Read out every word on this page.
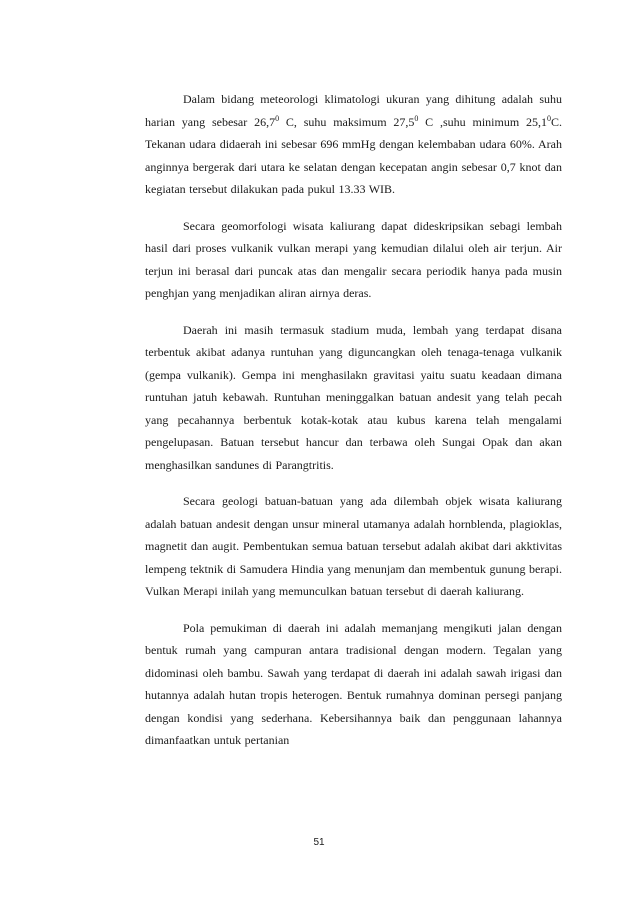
Dalam bidang meteorologi klimatologi ukuran yang dihitung adalah suhu harian yang sebesar 26,7$^0$ C, suhu maksimum 27,5$^0$ C ,suhu minimum 25,1$^0$C. Tekanan udara didaerah ini sebesar 696 mmHg dengan kelembaban udara 60%. Arah anginnya bergerak dari utara ke selatan dengan kecepatan angin sebesar 0,7 knot dan kegiatan tersebut dilakukan pada pukul 13.33 WIB.

Secara geomorfologi wisata kaliurang dapat dideskripsikan sebagi lembah hasil dari proses vulkanik vulkan merapi yang kemudian dilalui oleh air terjun. Air terjun ini berasal dari puncak atas dan mengalir secara periodik hanya pada musin penghjan yang menjadikan aliran airnya deras.

Daerah ini masih termasuk stadium muda, lembah yang terdapat disana terbentuk akibat adanya runtuhan yang diguncangkan oleh tenaga-tenaga vulkanik (gempa vulkanik). Gempa ini menghasilakn gravitasi yaitu suatu keadaan dimana runtuhan jatuh kebawah. Runtuhan meninggalkan batuan andesit yang telah pecah yang pecahannya berbentuk kotak-kotak atau kubus karena telah mengalami pengelupasan. Batuan tersebut hancur dan terbawa oleh Sungai Opak dan akan menghasilkan sandunes di Parangtritis.

Secara geologi batuan-batuan yang ada dilembah objek wisata kaliurang adalah batuan andesit dengan unsur mineral utamanya adalah hornblenda, plagioklas, magnetit dan augit. Pembentukan semua batuan tersebut adalah akibat dari akktivitas lempeng tektnik di Samudera Hindia yang menunjam dan membentuk gunung berapi. Vulkan Merapi inilah yang memunculkan batuan tersebut di daerah kaliurang.

Pola pemukiman di daerah ini adalah memanjang mengikuti jalan dengan bentuk rumah yang campuran antara tradisional dengan modern. Tegalan yang didominasi oleh bambu. Sawah yang terdapat di daerah ini adalah sawah irigasi dan hutannya adalah hutan tropis heterogen. Bentuk rumahnya dominan persegi panjang dengan kondisi yang sederhana. Kebersihannya baik dan penggunaan lahannya dimanfaatkan untuk pertanian

51
